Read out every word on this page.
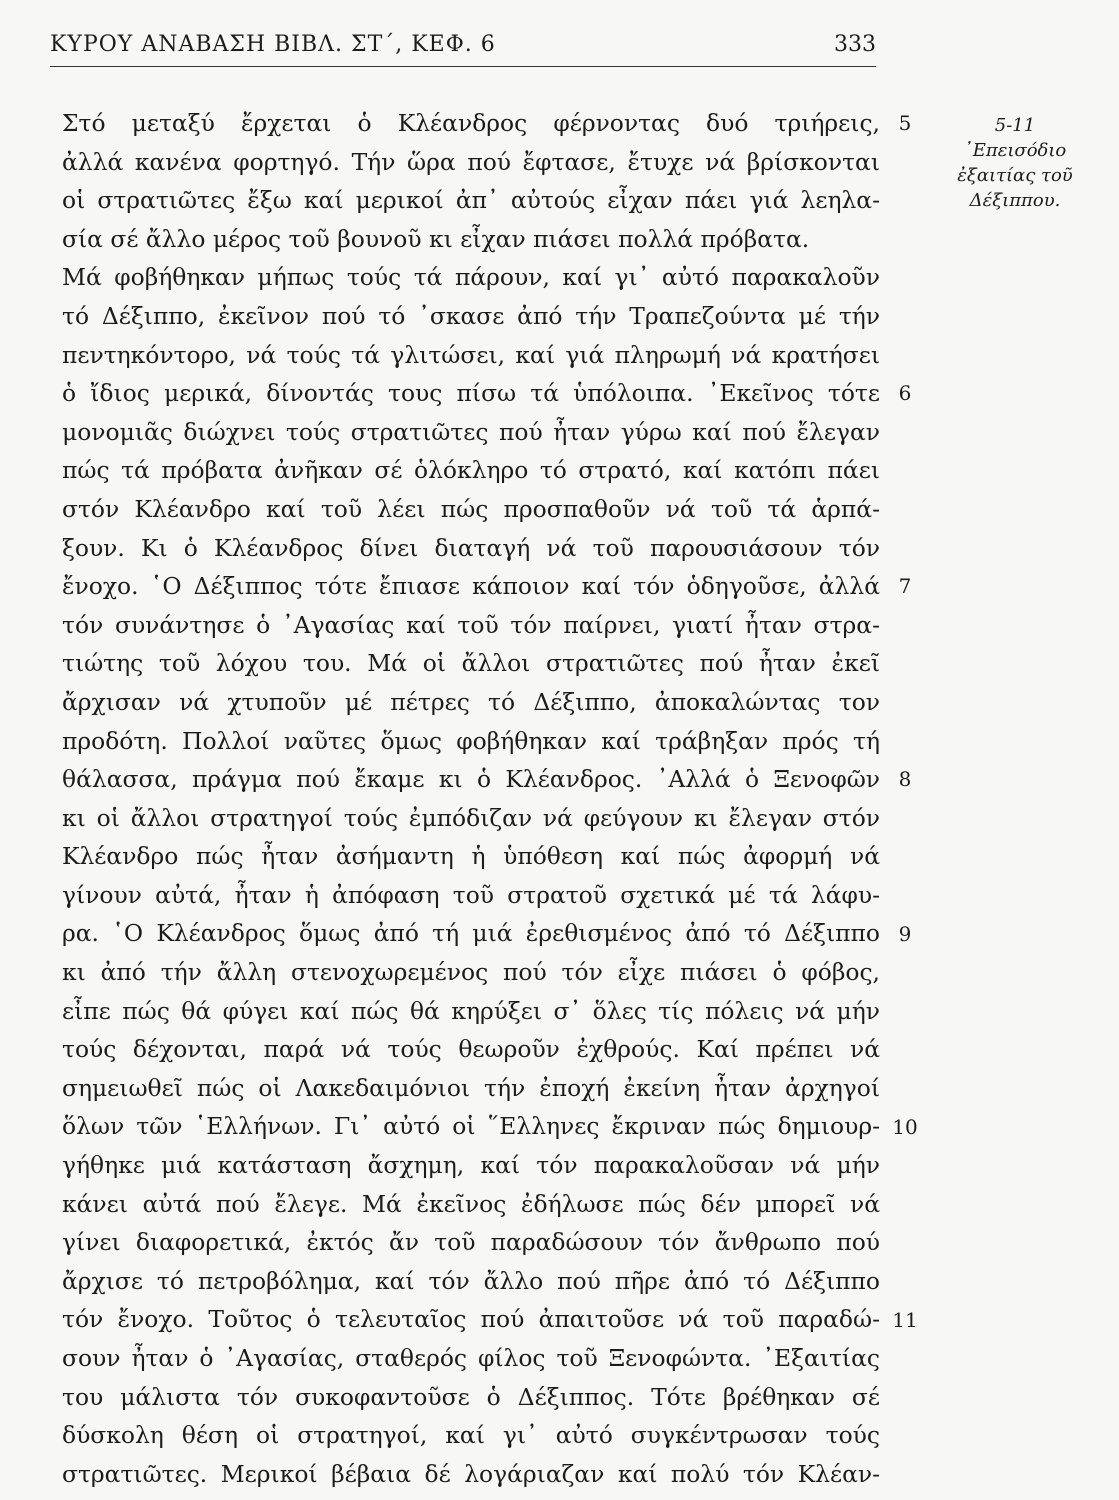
ΚΥΡΟΥ ΑΝΑΒΑΣΗ ΒΙΒΛ. ΣΤ΄, ΚΕΦ. 6	333
Στό μεταξύ ἔρχεται ὁ Κλέανδρος φέρνοντας δυό τριήρεις,
ἀλλά κανένα φορτηγό. Τήν ὥρα πού ἔφτασε, ἔτυχε νά βρίσκονται
οἱ στρατιῶτες ἔξω καί μερικοί ἀπ᾽ αὐτούς εἶχαν πάει γιά λεηλα-
σία σέ ἄλλο μέρος τοῦ βουνοῦ κι εἶχαν πιάσει πολλά πρόβατα.
Μά φοβήθηκαν μήπως τούς τά πάρουν, καί γι᾽ αὐτό παρακαλοῦν
τό Δέξιππο, ἐκεῖνον πού τό ᾽σκασε ἀπό τήν Τραπεζούντα μέ τήν
πεντηκόντορο, νά τούς τά γλιτώσει, καί γιά πληρωμή νά κρατήσει
ὁ ἴδιος μερικά, δίνοντάς τους πίσω τά ὑπόλοιπα. ᾿Εκεῖνος τότε
μονομιᾶς διώχνει τούς στρατιῶτες πού ἦταν γύρω καί πού ἔλεγαν
πώς τά πρόβατα ἀνῆκαν σέ ὁλόκληρο τό στρατό, καί κατόπι πάει
στόν Κλέανδρο καί τοῦ λέει πώς προσπαθοῦν νά τοῦ τά ἁρπά-
ξουν. Κι ὁ Κλέανδρος δίνει διαταγή νά τοῦ παρουσιάσουν τόν
ἔνοχο. ῾Ο Δέξιππος τότε ἔπιασε κάποιον καί τόν ὁδηγοῦσε, ἀλλά
τόν συνάντησε ὁ ᾿Αγασίας καί τοῦ τόν παίρνει, γιατί ἦταν στρα-
τιώτης τοῦ λόχου του. Μά οἱ ἄλλοι στρατιῶτες πού ἦταν ἐκεῖ
ἄρχισαν νά χτυποῦν μέ πέτρες τό Δέξιππο, ἀποκαλώντας τον
προδότη. Πολλοί ναῦτες ὅμως φοβήθηκαν καί τράβηξαν πρός τή
θάλασσα, πράγμα πού ἔκαμε κι ὁ Κλέανδρος. ᾿Αλλά ὁ Ξενοφῶν
κι οἱ ἄλλοι στρατηγοί τούς ἐμπόδιζαν νά φεύγουν κι ἔλεγαν στόν
Κλέανδρο πώς ἦταν ἀσήμαντη ἡ ὑπόθεση καί πώς ἀφορμή νά
γίνουν αὐτά, ἦταν ἡ ἀπόφαση τοῦ στρατοῦ σχετικά μέ τά λάφυ-
ρα. ῾Ο Κλέανδρος ὅμως ἀπό τή μιά ἐρεθισμένος ἀπό τό Δέξιππο
κι ἀπό τήν ἄλλη στενοχωρεμένος πού τόν εἶχε πιάσει ὁ φόβος,
εἶπε πώς θά φύγει καί πώς θά κηρύξει σ᾽ ὅλες τίς πόλεις νά μήν
τούς δέχονται, παρά νά τούς θεωροῦν ἐχθρούς. Καί πρέπει νά
σημειωθεῖ πώς οἱ Λακεδαιμόνιοι τήν ἐποχή ἐκείνη ἦταν ἀρχηγοί
ὅλων τῶν ῾Ελλήνων. Γι᾽ αὐτό οἱ ῞Ελληνες ἔκριναν πώς δημιουρ-
γήθηκε μιά κατάσταση ἄσχημη, καί τόν παρακαλοῦσαν νά μήν
κάνει αὐτά πού ἔλεγε. Μά ἐκεῖνος ἐδήλωσε πώς δέν μπορεῖ νά
γίνει διαφορετικά, ἐκτός ἄν τοῦ παραδώσουν τόν ἄνθρωπο πού
ἄρχισε τό πετροβόλημα, καί τόν ἄλλο πού πῆρε ἀπό τό Δέξιππο
τόν ἔνοχο. Τοῦτος ὁ τελευταῖος πού ἀπαιτοῦσε νά τοῦ παραδώ-
σουν ἦταν ὁ ᾿Αγασίας, σταθερός φίλος τοῦ Ξενοφώντα. ᾿Εξαιτίας
του μάλιστα τόν συκοφαντοῦσε ὁ Δέξιππος. Τότε βρέθηκαν σέ
δύσκολη θέση οἱ στρατηγοί, καί γι᾽ αὐτό συγκέντρωσαν τούς
στρατιῶτες. Μερικοί βέβαια δέ λογάριαζαν καί πολύ τόν Κλέαν-
5
6
7
8
9
10
11
5-11
᾿Επεισόδιο
ἐξαιτίας τοῦ
Δέξιππου.
